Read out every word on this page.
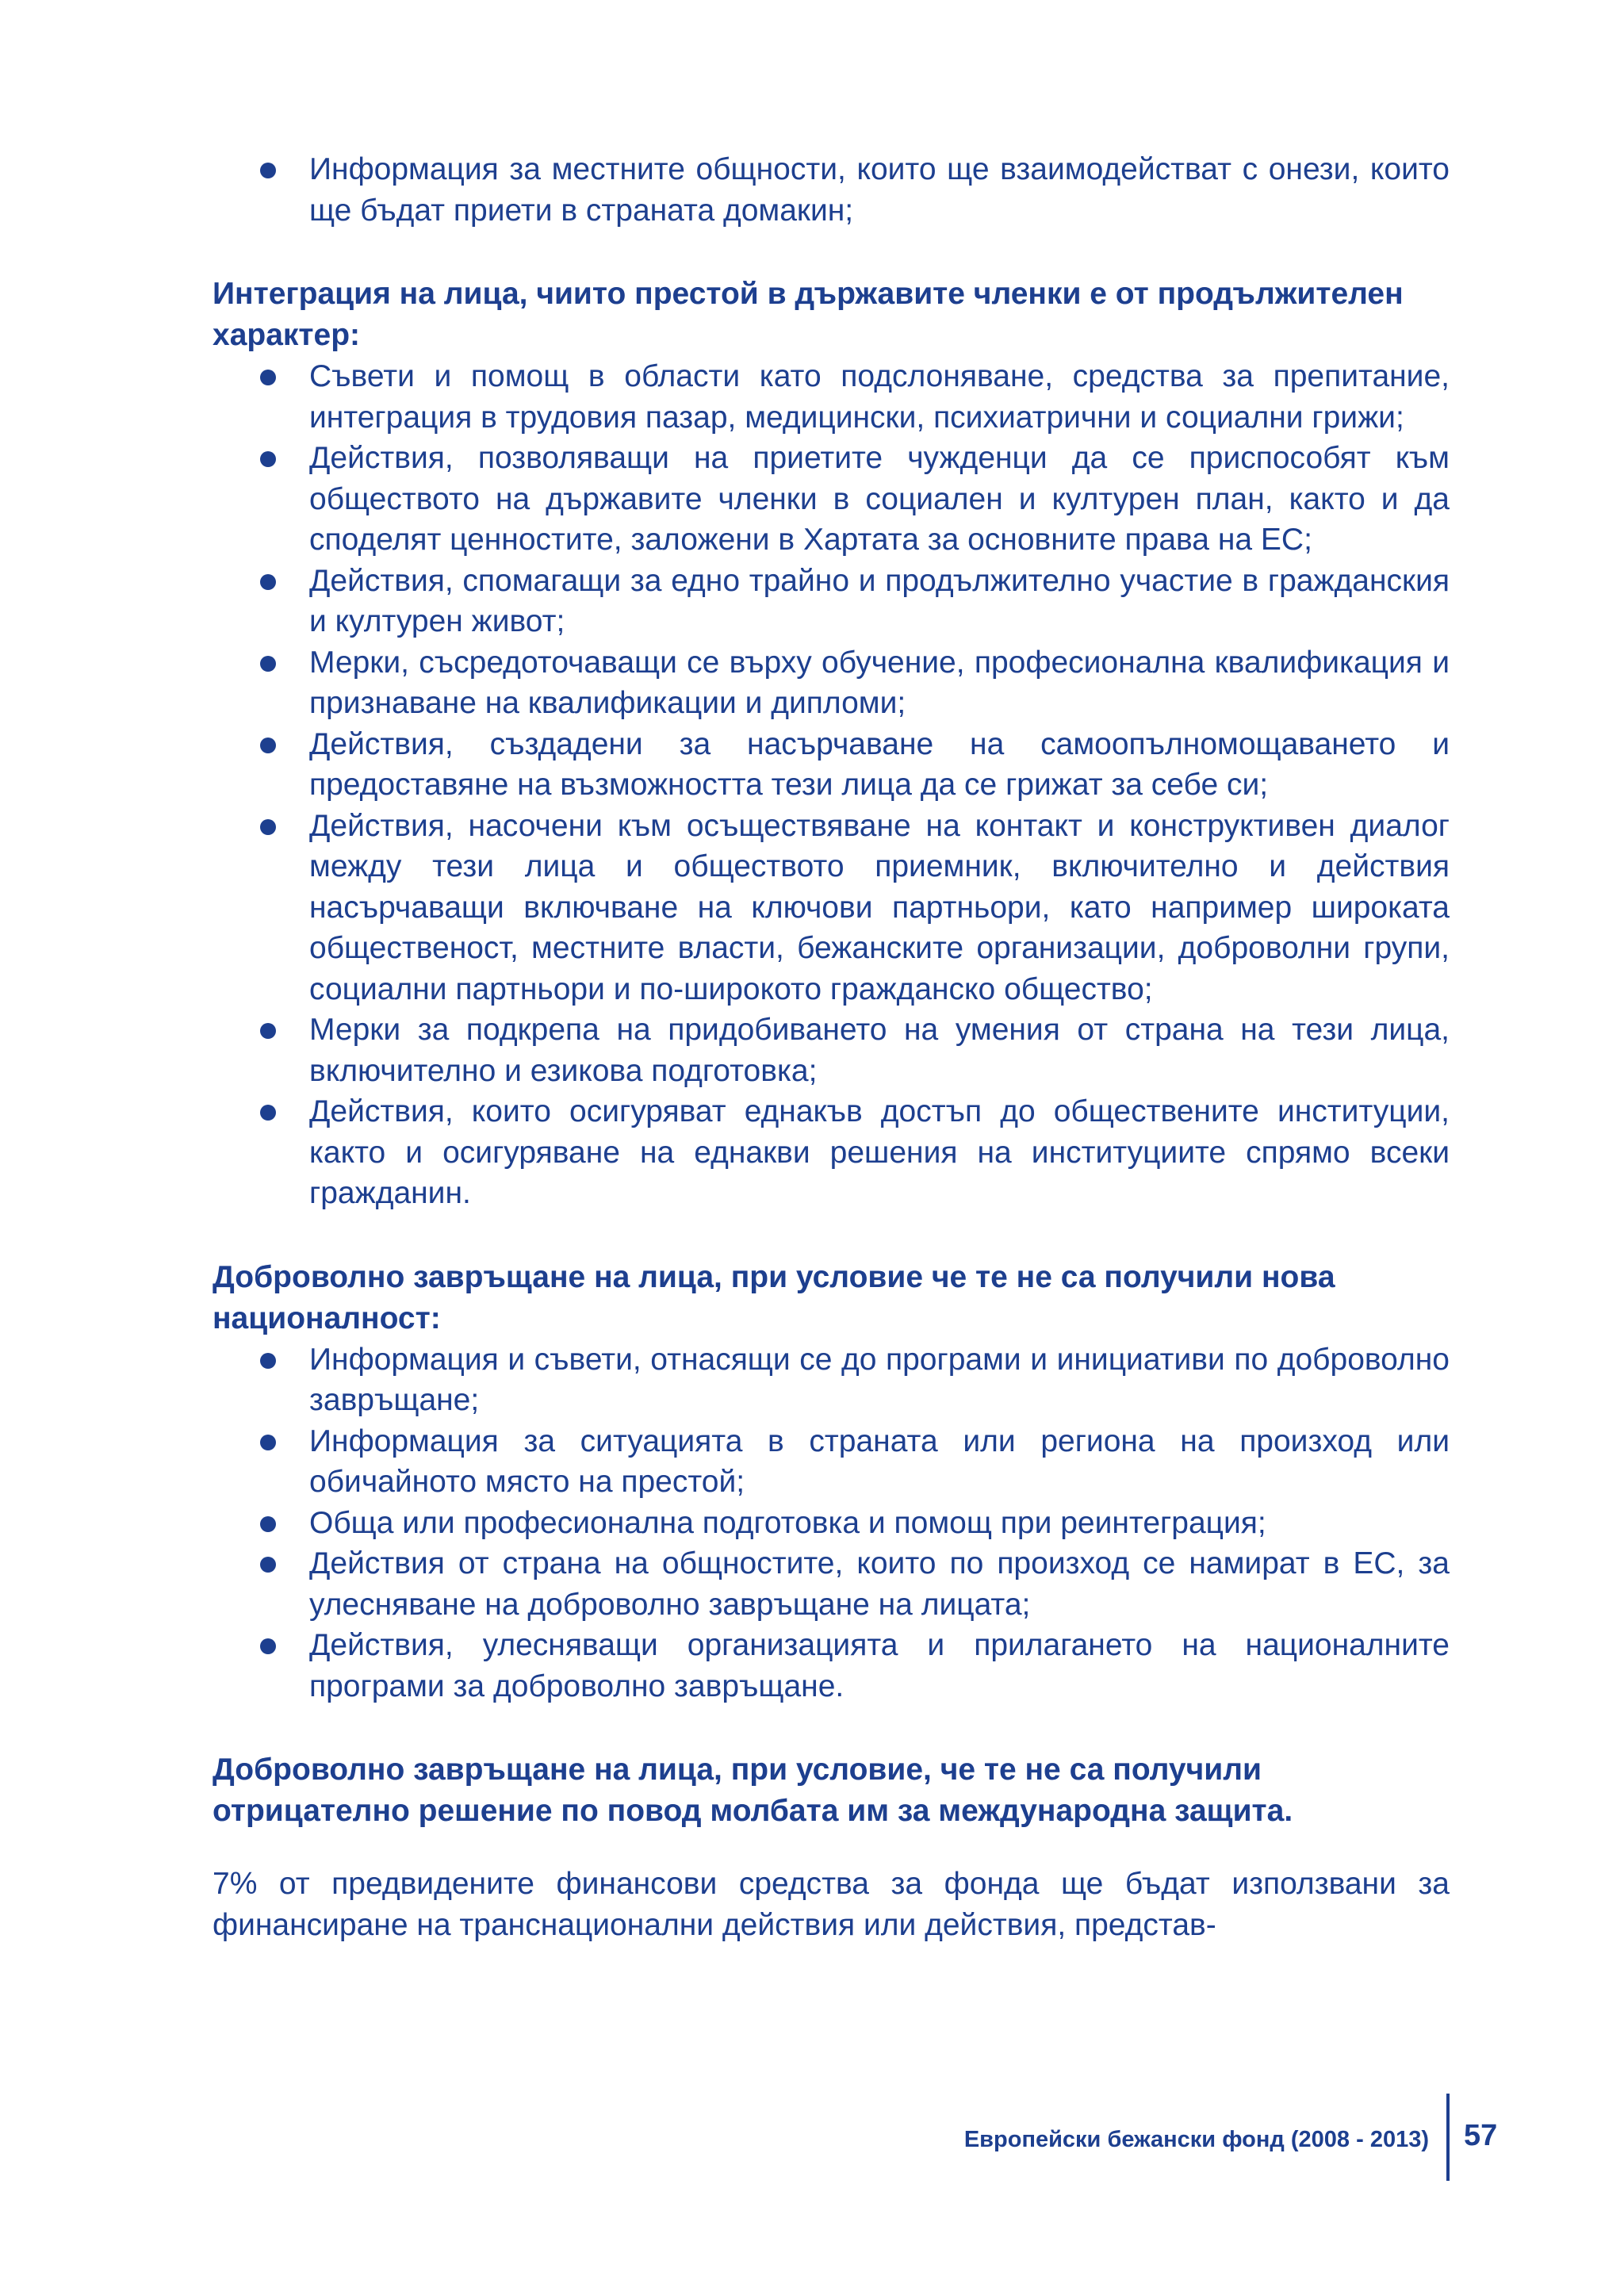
Информация за местните общности, които ще взаимодействат с онези, които ще бъдат приети в страната домакин;
Интеграция на лица, чиито престой в държавите членки е от продължителен характер:
Съвети и помощ в области като подслоняване, средства за препитание, интеграция в трудовия пазар, медицински, психиатрични и социални грижи;
Действия, позволяващи на приетите чужденци да се приспособят към обществото на държавите членки в социален и културен план, както и да споделят ценностите, заложени в Хартата за основните права на ЕС;
Действия, спомагащи за едно трайно и продължително участие в гражданския и културен живот;
Мерки, съсредоточаващи се върху обучение, професионална квалификация и признаване на квалификации и дипломи;
Действия, създадени за насърчаване на самоопълномощаването и предоставяне на възможността тези лица да се грижат за себе си;
Действия, насочени към осъществяване на контакт и конструктивен диалог между тези лица и обществото приемник, включително и действия насърчаващи включване на ключови партньори, като например широката общественост, местните власти, бежанските организации, доброволни групи, социални партньори и по-широкото гражданско общество;
Мерки за подкрепа на придобиването на умения от страна на тези лица, включително и езикова подготовка;
Действия, които осигуряват еднакъв достъп до обществените институции, както и осигуряване на еднакви решения на институциите спрямо всеки гражданин.
Доброволно завръщане на лица, при условие че те не са получили нова националност:
Информация и съвети, отнасящи се до програми и инициативи по доброволно завръщане;
Информация за ситуацията в страната или региона на произход или обичайното място на престой;
Обща или професионална подготовка и помощ при реинтеграция;
Действия от страна на общностите, които по произход се намират в ЕС, за улесняване на доброволно завръщане на лицата;
Действия, улесняващи организацията и прилагането на националните програми за доброволно завръщане.
Доброволно завръщане на лица, при условие, че те не са получили отрицателно решение по повод молбата им за международна защита.

7% от предвидените финансови средства за фонда ще бъдат използвани за финансиране на транснационални действия или действия, представ-

Европейски бежански фонд (2008 - 2013) 57
